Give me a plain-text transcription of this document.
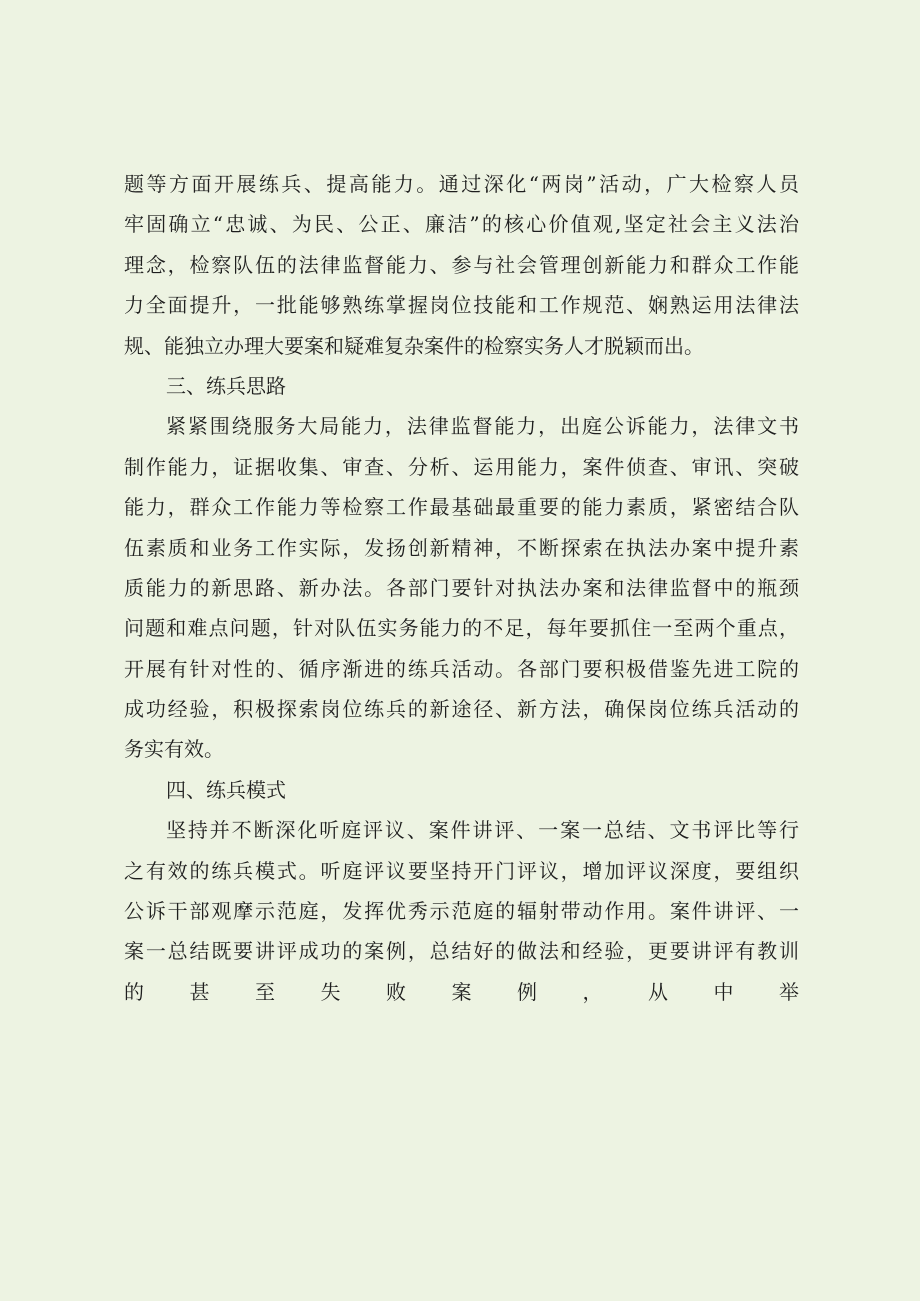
题等方面开展练兵、提高能力。通过深化“两岗”活动，广大检察人员
牢固确立“忠诚、为民、公正、廉洁”的核心价值观,坚定社会主义法治
理念，检察队伍的法律监督能力、参与社会管理创新能力和群众工作能
力全面提升，一批能够熟练掌握岗位技能和工作规范、娴熟运用法律法
规、能独立办理大要案和疑难复杂案件的检察实务人才脱颖而出。
三、练兵思路
紧紧围绕服务大局能力，法律监督能力，出庭公诉能力，法律文书
制作能力，证据收集、审查、分析、运用能力，案件侦查、审讯、突破
能力，群众工作能力等检察工作最基础最重要的能力素质，紧密结合队
伍素质和业务工作实际，发扬创新精神，不断探索在执法办案中提升素
质能力的新思路、新办法。各部门要针对执法办案和法律监督中的瓶颈
问题和难点问题，针对队伍实务能力的不足，每年要抓住一至两个重点，
开展有针对性的、循序渐进的练兵活动。各部门要积极借鉴先进工院的
成功经验，积极探索岗位练兵的新途径、新方法，确保岗位练兵活动的
务实有效。
四、练兵模式
坚持并不断深化听庭评议、案件讲评、一案一总结、文书评比等行
之有效的练兵模式。听庭评议要坚持开门评议，增加评议深度，要组织
公诉干部观摩示范庭，发挥优秀示范庭的辐射带动作用。案件讲评、一
案一总结既要讲评成功的案例，总结好的做法和经验，更要讲评有教训
的 甚 至 失 败 案 例 ， 从 中 举
